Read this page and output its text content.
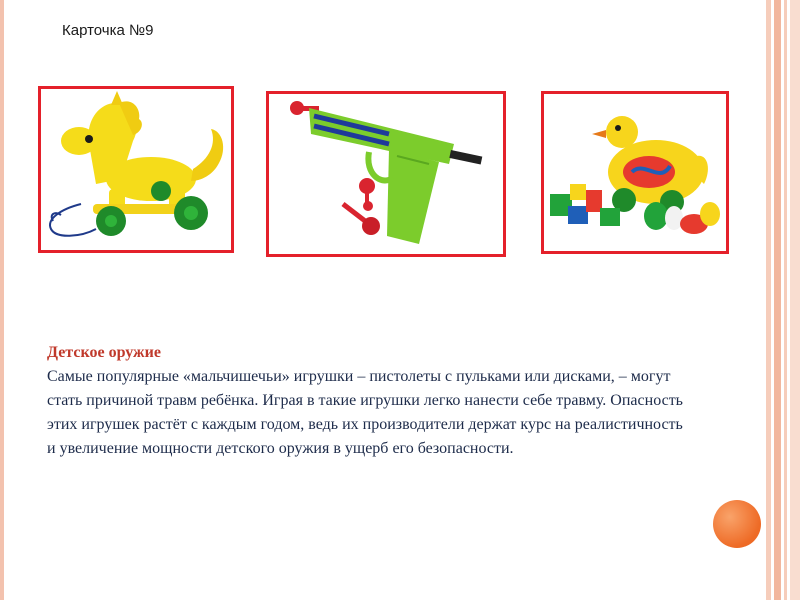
Карточка №9
Детское оружие
Самые популярные «мальчишечьи» игрушки – пистолеты с пульками или дисками, – могут стать причиной травм ребёнка. Играя в такие игрушки легко нанести себе травму. Опасность этих игрушек растёт с каждым годом, ведь их производители держат курс на реалистичность и увеличение мощности детского оружия в ущерб его безопасности.
